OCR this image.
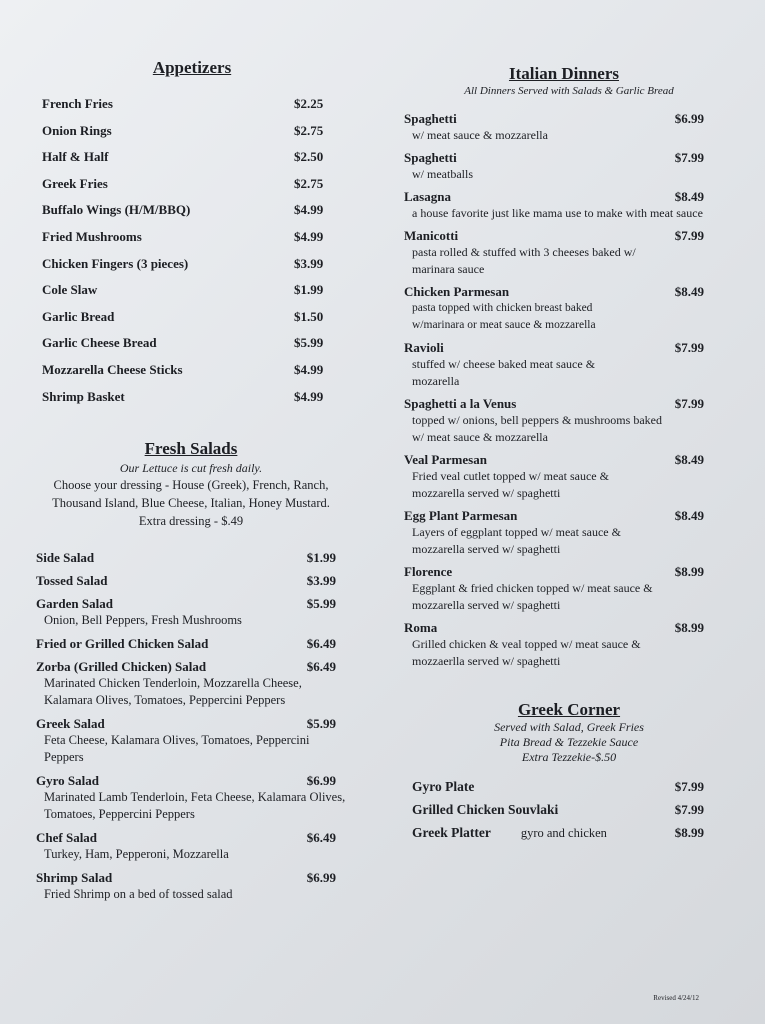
Appetizers

French Fries	$2.25
Onion Rings	$2.75
Half & Half	$2.50
Greek Fries	$2.75
Buffalo Wings (H/M/BBQ)	$4.99
Fried Mushrooms	$4.99
Chicken Fingers (3 pieces)	$3.99
Cole Slaw	$1.99
Garlic Bread	$1.50
Garlic Cheese Bread	$5.99
Mozzarella Cheese Sticks	$4.99
Shrimp Basket	$4.99

Fresh Salads

Our Lettuce is cut fresh daily.
Choose your dressing - House (Greek), French, Ranch, Thousand Island, Blue Cheese, Italian, Honey Mustard. Extra dressing - $.49
Side Salad	$1.99
Tossed Salad	$3.99
Garden Salad	$5.99
Onion, Bell Peppers, Fresh Mushrooms
Fried or Grilled Chicken Salad	$6.49
Zorba (Grilled Chicken) Salad	$6.49
Marinated Chicken Tenderloin, Mozzarella Cheese, Kalamara Olives, Tomatoes, Peppercini Peppers
Greek Salad	$5.99
Feta Cheese, Kalamara Olives, Tomatoes, Peppercini Peppers
Gyro Salad	$6.99
Marinated Lamb Tenderloin, Feta Cheese, Kalamara Olives, Tomatoes, Peppercini Peppers
Chef Salad	$6.49
Turkey, Ham, Pepperoni, Mozzarella
Shrimp Salad	$6.99
Fried Shrimp on a bed of tossed salad

Italian Dinners

All Dinners Served with Salads & Garlic Bread
Spaghetti	$6.99
w/ meat sauce & mozzarella
Spaghetti	$7.99
w/ meatballs
Lasagna	$8.49
a house favorite just like mama use to make with meat sauce
Manicotti	$7.99
pasta rolled & stuffed with 3 cheeses baked w/ marinara sauce
Chicken Parmesan	$8.49
pasta topped with chicken breast baked w/marinara or meat sauce & mozzarella
Ravioli	$7.99
stuffed w/ cheese baked meat sauce & mozarella
Spaghetti a la Venus	$7.99
topped w/ onions, bell peppers & mushrooms baked w/ meat sauce & mozzarella
Veal Parmesan	$8.49
Fried veal cutlet topped w/ meat sauce & mozzarella served w/ spaghetti
Egg Plant Parmesan	$8.49
Layers of eggplant topped w/ meat sauce & mozzarella served w/ spaghetti
Florence	$8.99
Eggplant & fried chicken topped w/ meat sauce & mozzarella served w/ spaghetti
Roma	$8.99
Grilled chicken & veal topped w/ meat sauce & mozzaerlla served w/ spaghetti

Greek Corner

Served with Salad, Greek Fries
Pita Bread & Tezzekie Sauce
Extra Tezzekie-$.50
Gyro Plate	$7.99
Grilled Chicken Souvlaki	$7.99
Greek Platter gyro and chicken	$8.99
Revised 4/24/12
